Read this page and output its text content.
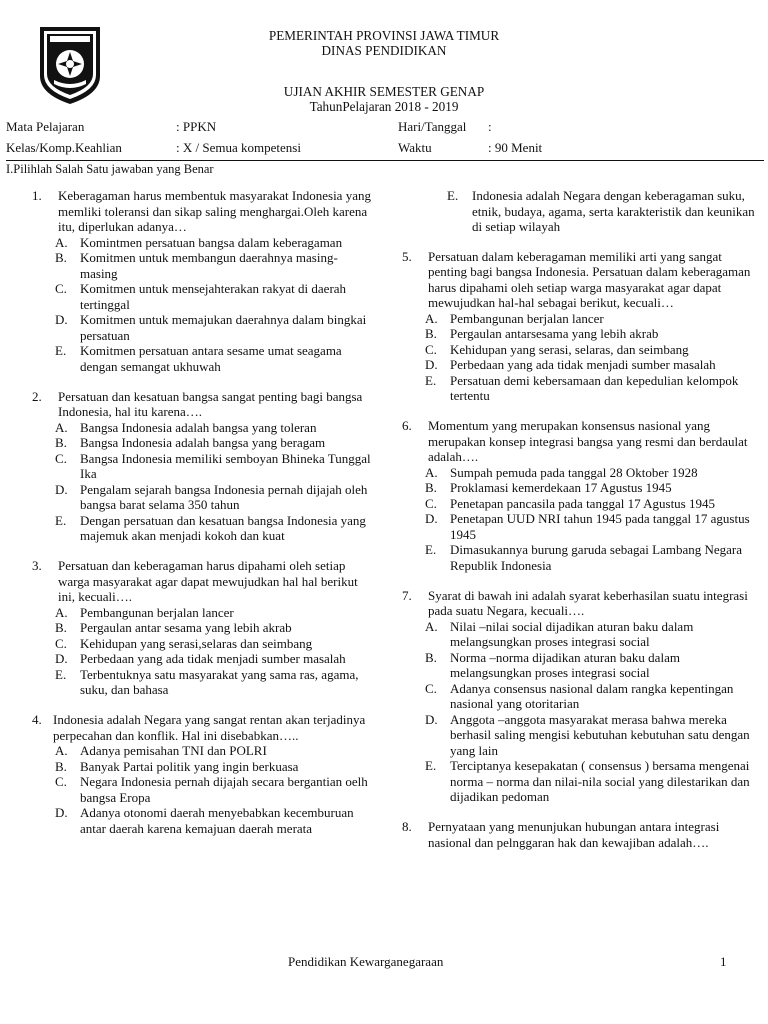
PEMERINTAH PROVINSI JAWA TIMUR
DINAS PENDIDIKAN
UJIAN AKHIR SEMESTER GENAP
TahunPelajaran 2018 - 2019
Mata Pelajaran	: PPKN	Hari/Tanggal :
Kelas/Komp.Keahlian	: X / Semua kompetensi	Waktu	: 90 Menit
I.Pilihlah Salah Satu jawaban yang Benar
1.	Keberagaman harus membentuk masyarakat Indonesia yang memliki toleransi dan sikap saling menghargai.Oleh karena itu, diperlukan adanya…
A. Komintmen persatuan bangsa dalam keberagaman
B.	Komitmen untuk membangun daerahnya masing-masing
C.	Komitmen untuk mensejahterakan rakyat di daerah tertinggal
D. Komitmen untuk memajukan daerahnya dalam bingkai persatuan
E.	Komitmen persatuan antara sesame umat seagama dengan semangat ukhuwah
2.	Persatuan dan kesatuan bangsa sangat penting bagi bangsa Indonesia, hal itu karena….
A. Bangsa Indonesia adalah bangsa yang toleran
B.	Bangsa Indonesia adalah bangsa yang beragam
C.	Bangsa Indonesia memiliki semboyan Bhineka Tunggal Ika
D. Pengalam sejarah bangsa Indonesia pernah dijajah oleh bangsa barat selama 350 tahun
E.	Dengan persatuan dan kesatuan bangsa Indonesia yang majemuk akan menjadi kokoh dan kuat
3.	Persatuan dan keberagaman harus dipahami oleh setiap warga masyarakat agar dapat mewujudkan hal hal berikut ini, kecuali….
A. Pembangunan berjalan lancer
B.	Pergaulan antar sesama yang lebih akrab
C.	Kehidupan yang serasi,selaras dan seimbang
D. Perbedaan yang ada tidak menjadi sumber masalah
E.	Terbentuknya satu masyarakat yang sama ras, agama, suku, dan bahasa
4. Indonesia adalah Negara yang sangat rentan akan terjadinya perpecahan dan konflik. Hal ini disebabkan…..
A. Adanya pemisahan TNI dan POLRI
B.	Banyak Partai politik yang ingin berkuasa
C.	Negara Indonesia pernah dijajah secara bergantian oelh bangsa Eropa
D. Adanya otonomi daerah menyebabkan kecemburuan antar daerah karena kemajuan daerah merata
E.	Indonesia adalah Negara dengan keberagaman suku, etnik, budaya, agama, serta karakteristik dan keunikan di setiap wilayah
5.	Persatuan dalam keberagaman memiliki arti yang sangat penting bagi bangsa Indonesia. Persatuan dalam keberagaman harus dipahami oleh setiap warga masyarakat agar dapat mewujudkan hal-hal sebagai berikut, kecuali…
A. Pembangunan berjalan lancer
B.	Pergaulan antarsesama yang lebih akrab
C.	Kehidupan yang serasi, selaras, dan seimbang
D. Perbedaan yang ada tidak menjadi sumber masalah
E.	Persatuan demi kebersamaan dan kepedulian kelompok tertentu
6.	Momentum yang merupakan konsensus nasional yang merupakan konsep integrasi bangsa yang resmi dan berdaulat adalah….
A. Sumpah pemuda pada tanggal 28 Oktober 1928
B.	Proklamasi kemerdekaan 17 Agustus 1945
C.	Penetapan pancasila pada tanggal 17 Agustus 1945
D. Penetapan UUD NRI tahun 1945 pada tanggal 17 agustus 1945
E.	Dimasukannya burung garuda sebagai Lambang Negara Republik Indonesia
7.	Syarat di bawah ini adalah syarat keberhasilan suatu integrasi pada suatu Negara, kecuali….
A. Nilai –nilai social dijadikan aturan baku dalam melangsungkan proses integrasi social
B.	Norma –norma dijadikan aturan baku dalam melangsungkan proses integrasi social
C.	Adanya consensus nasional dalam rangka kepentingan nasional yang otoritarian
D. Anggota –anggota masyarakat merasa bahwa mereka berhasil saling mengisi kebutuhan kebutuhan satu dengan yang lain
E.	Terciptanya kesepakatan ( consensus ) bersama mengenai norma – norma dan nilai-nila social yang dilestarikan dan dijadikan pedoman
8.	Pernyataan yang menunjukan hubungan antara integrasi nasional dan pelnggaran hak dan kewajiban adalah….
Pendidikan Kewarganegaraan	1
